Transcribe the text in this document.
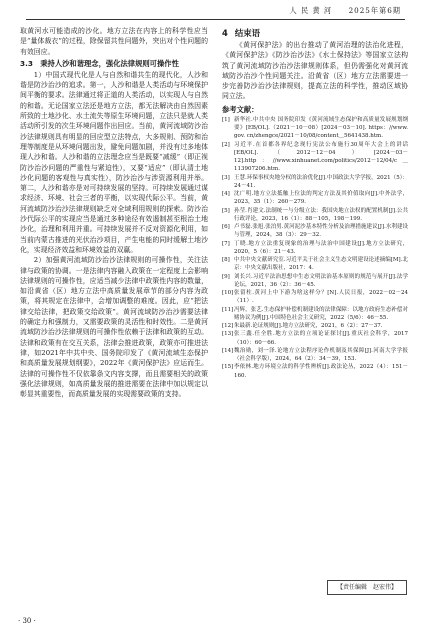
人 民 黄 河 2025年第6期

取黄河水可能造成的沙化。地方立法在内容上的科学性应当是“量体裁衣”的过程，除保留共性问题外，突出对个性问题的有效回应。

3.3　秉持人沙和谐理念，强化法律规则可操作性

1）中国式现代化是人与自然和谐共生的现代化，人沙和谐是防沙治沙的追求。第一，人沙和谐是人类活动与环境保护间平衡的要求。法律通过将正道的人类活动，以实现人与自然的和谐。无论国家立法还是地方立法，都无法解决由自然因素所致的土地沙化、水土流失等原生环境问题，立法只是就人类活动所引发的次生环境问题作出回应。当前，黄河流域防沙治沙法律规则具有明显的回应型立法特点，大多规则、预防和治理等制度是从环境问题出发，避免问题加剧，并没有过多地体现人沙和谐。人沙和谐的立法理念应当是既要“减缓”（即正视防沙治沙问题的严重性与紧迫性），又要“适应”（即认清土地沙化问题的客观性与真实性），防沙治沙与涉资源利用并举。第二，人沙和谐亦是对可持续发展的坚持。可持续发展通过谋求经济、环境、社会三者的平衡，以实现代际公平。当前，黄河流域防沙治沙法律规则缺乏对全域利用规则的探索。防沙治沙代际公平的实现应当是通过多种途径有效遏制甚至根治土地沙化，治理和利用并重。可持续发展并不反对资源化利用，如当前内蒙古推进的光伏治沙项目，产生电能的同时缓解土地沙化，实现经济效益和环境效益的双赢。

2）加强黄河流域防沙治沙法律规则的可操作性，关注法律与政策的协调。一是法律内容融入政策在一定程度上会影响法律规则的可操作性，应适当减少法律中政策性内容的数量，如沿黄省（区）地方立法中高质量发展章节的部分内容为政策，将其规定在法律中，会增加调整的难度。因此，应“把法律交给法律，把政策交给政策”。黄河流域防沙治沙需要法律的确定力和强制力，又需要政策的灵活性和时效性。二是黄河流域防沙治沙法律规则的可操作性依赖于法律和政策的互动。法律和政策有在交互关系，法律会推进政策，政策亦可推进法律，如2021年中共中央、国务院印发了《黄河流域生态保护和高质量发展规划纲要》，2022年《黄河保护法》应运而生。法律的可操作性不仅依靠条文内容支撑，而且需要相关的政策强化法律规则，如高质量发展的推进需要在法律中加以规定以彰显其重要性，而高质量发展的实现需要政策的支持。

4 结束语

《黄河保护法》的出台推动了黄河治理的法治化进程，《黄河保护法》《防沙治沙法》《水土保持法》等国家立法构筑了黄河流域防沙治沙法律规则体系，但仍需强化对黄河流域防沙治沙个性问题关注。沿黄省（区）地方立法需要进一步完善防沙治沙法律规则，提高立法的科学性，推动区域协同立法。

参考文献：
[1] 新华社.中共中央 国务院印发《黄河流域生态保护和高质量发展规划纲要》[EB/OL].（2021－10－08）[2024－03－10]. https：//www. gov. cn/zhengce/2021－10/08/content＿5641438.htm.
[2] 习近平.在首都各界纪念现行宪法公布施行30周年大会上的讲话[EB/OL].（2012－12－04）[2024－03－12].http：//www.xinhuanet.com/politics/2012－12/04/c＿113907206.htm.
[3] 王慧.环保事权央地分权的法治优化[J].中国政法大学学报，2021（5）：24－41.
[4] 沈广明.地方立法抵触上位法的判定方法及其价值取向[J].中外法学，2023，35（1）：260－279.
[5] 孙莹.肖建文.法制统一与分级立法：我国央地立法权的配置机制[J].公共行政评论，2023，16（1）：88－105，198－199.
[6] 卢书磊.张旭.张泊男.黄河泥沙基本特性分析及治理措施建议[J].水利建设与管理，2024，38（3）：29－32.
[7] 丁晓.地方立法重复现象的治理与法治中国建设[J].地方立法研究，2020，5（6）：21－43.
[8] 中共中央文献研究室.习近平关于社会主义生态文明建设论述摘编[M].北京：中央文献出版社，2017：4.
[9] 刘长兴.习近平法治思想中生态文明法治基本原则的规范与展开[J].法学论坛，2021，36（2）：36－45.
[10] 张留柱.黄河上中下游为啥这样分？[N].人民日报，2022－02－24（11）.
[11] 冯辉，张艺.生态保护补偿机制建设的法律保障：以地方政府生态补偿对赌协议为例[J].中国特色社会主义研究，2022（5/6）：46－55.
[12] 朱最新.论证规则[J].地方立法研究，2021，6（2）：27－37.
[13] 张三鑫.任全胜.地方立法的立项论证探讨[J].重庆社会科学，2017（10）：60－66.
[14] 魏治勋，刘一泽.论地方立法程序论作机制及其保障[J].河南大学学报（社会科学版），2024，64（2）：34－39，153.
[15] 李依林.地方环境立法的科学性辨析[J].政法论丛，2022（4）：151－160.
【责任编辑　赵宏伟】
· 30 ·
